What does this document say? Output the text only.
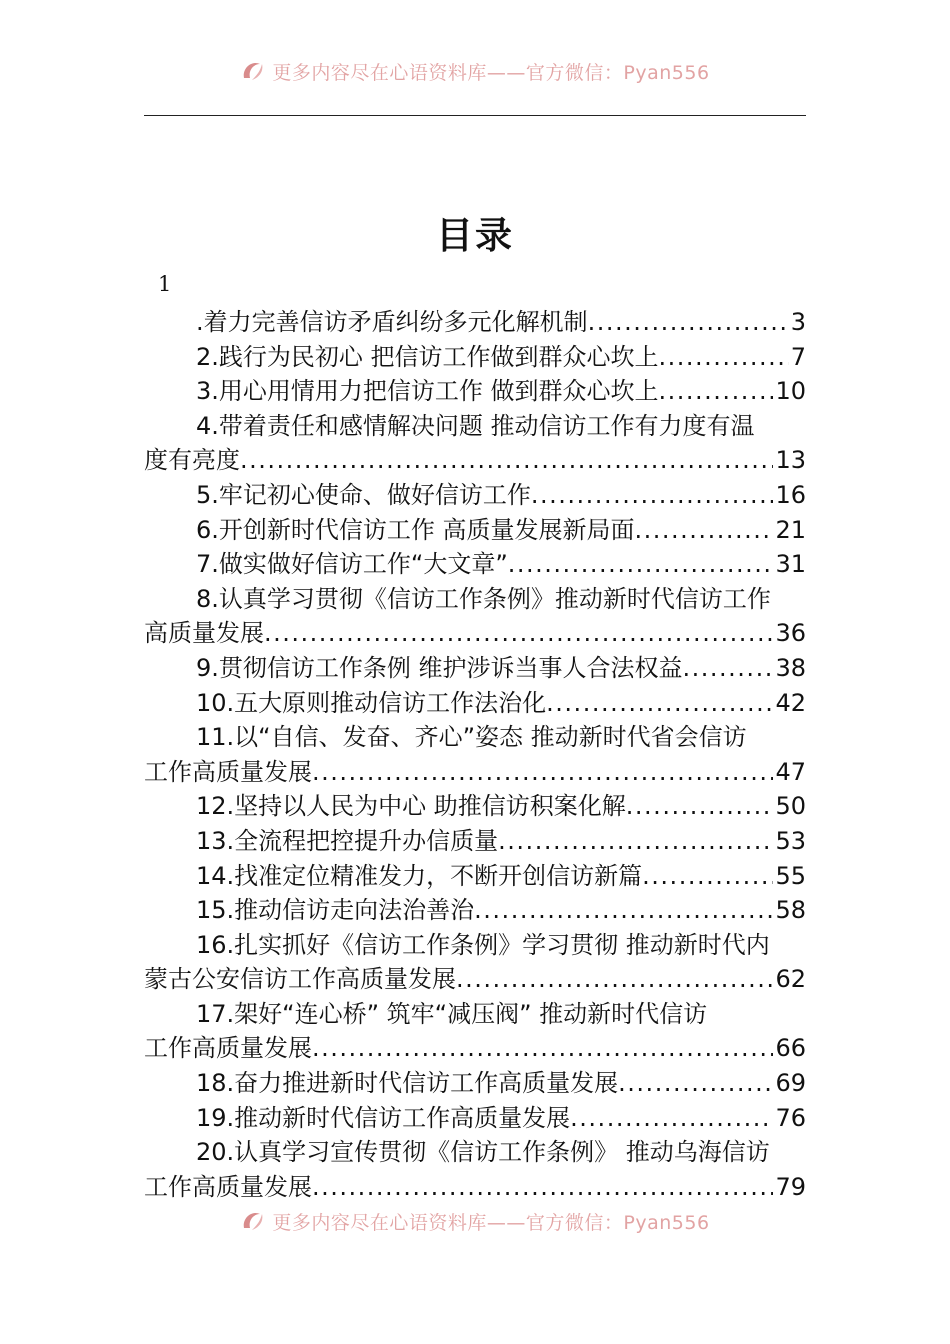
更多内容尽在心语资料库——官方微信：Pyan556
目录
1
.着力完善信访矛盾纠纷多元化解机制 .....	3
2.践行为民初心 把信访工作做到群众心坎上 .....	7
3.用心用情用力把信访工作 做到群众心坎上 .....	10
4.带着责任和感情解决问题 推动信访工作有力度有温
度有亮度 .....	13
5.牢记初心使命、做好信访工作 .....	16
6.开创新时代信访工作 高质量发展新局面 .....	21
7.做实做好信访工作“大文章” .....	31
8.认真学习贯彻《信访工作条例》推动新时代信访工作
高质量发展 .....	36
9.贯彻信访工作条例 维护涉诉当事人合法权益 .....	38
10.五大原则推动信访工作法治化 .....	42
11.以“自信、发奋、齐心”姿态 推动新时代省会信访
工作高质量发展 .....	47
12.坚持以人民为中心 助推信访积案化解 .....	50
13.全流程把控提升办信质量 .....	53
14.找准定位精准发力，不断开创信访新篇 .....	55
15.推动信访走向法治善治 .....	58
16.扎实抓好《信访工作条例》学习贯彻 推动新时代内
蒙古公安信访工作高质量发展 .....	62
17.架好“连心桥” 筑牢“减压阀” 推动新时代信访
工作高质量发展 .....	66
18.奋力推进新时代信访工作高质量发展 .....	69
19.推动新时代信访工作高质量发展 .....	76
20.认真学习宣传贯彻《信访工作条例》 推动乌海信访
工作高质量发展 .....	79
更多内容尽在心语资料库——官方微信：Pyan556
